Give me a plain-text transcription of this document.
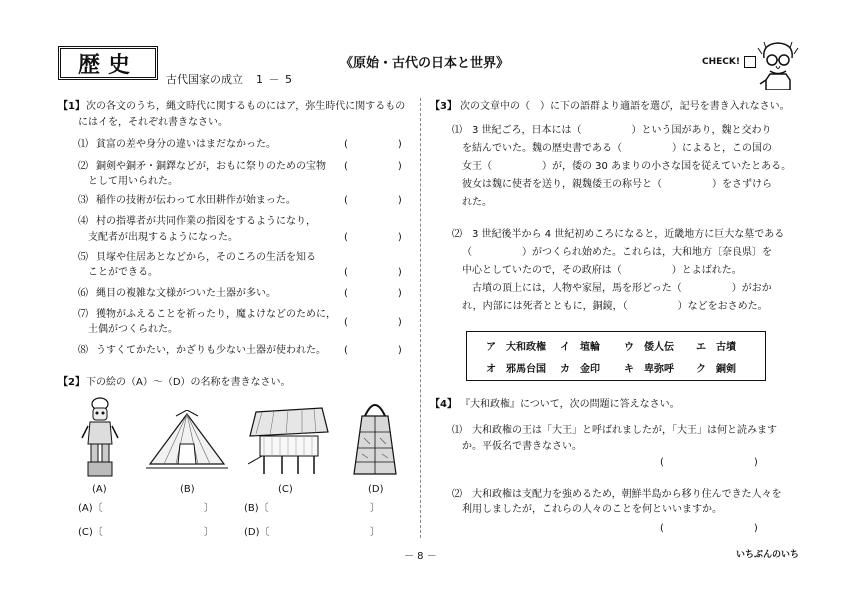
歴史
古代国家の成立 1 － 5
《原始・古代の日本と世界》	CHECK!
【1】 次の各文のうち，縄文時代に関するものにはア，弥生時代に関するもの
にはイを，それぞれ書きなさい。
⑴ 貧富の差や身分の違いはまだなかった。	(　　　　　)
⑵ 銅剣や銅矛・銅鐸などが，おもに祭りのための宝物
として用いられた。
(　　　　　)
⑶ 稲作の技術が伝わって水田耕作が始まった。	(　　　　　)
⑷ 村の指導者が共同作業の指図をするようになり，
支配者が出現するようになった。	(　　　　　)
⑸ 貝塚や住居あとなどから，そのころの生活を知る
ことができる。	(　　　　　)
⑹ 縄目の複雑な文様がついた土器が多い。	(　　　　　)
⑺ 獲物がふえることを祈ったり，魔よけなどのために，
土偶がつくられた。
(　　　　　)
⑻ うすくてかたい，かざりも少ない土器が使われた。 (　　　　　)
【2】 下の絵の（A）～（D）の名称を書きなさい。
(A)	(B)	(C)	(D)
(A)〔	〕	(B)〔	〕
(C)〔	〕	(D)〔	〕
【3】 次の文章中の（　）に下の語群より適語を選び，記号を書き入れなさい。
⑴　3 世紀ごろ，日本には（　　　　　）という国があり，魏と交わり
を結んでいた。魏の歴史書である（　　　　　）によると，この国の
女王（　　　　　）が，倭の 30 あまりの小さな国を従えていたとある。
彼女は魏に使者を送り，親魏倭王の称号と（　　　　　）をさずけら
れた。
⑵　3 世紀後半から 4 世紀初めころになると，近畿地方に巨大な墓である
（　　　　　）がつくられ始めた。これらは，大和地方〔奈良県〕を
中心としていたので，その政府は（　　　　　）とよばれた。
古墳の頂上には，人物や家屋，馬を形どった（　　　　　）がおか
れ，内部には死者とともに，銅鏡，（　　　　　）などをおさめた。
ア　大和政権 イ　埴輪 ウ　倭人伝 エ　古墳
オ　邪馬台国 カ　金印 キ　卑弥呼 ク　銅剣
【4】 『大和政権』について，次の問題に答えなさい。
⑴　大和政権の王は「大王」と呼ばれましたが，「大王」は何と読みます
か。平仮名で書きなさい。
(　　　　　　　　　)
⑵　大和政権は支配力を強めるため，朝鮮半島から移り住んできた人々を
利用しましたが，これらの人々のことを何といいますか。
(　　　　　　　　　)
－ 8 －	いちぶんのいち
